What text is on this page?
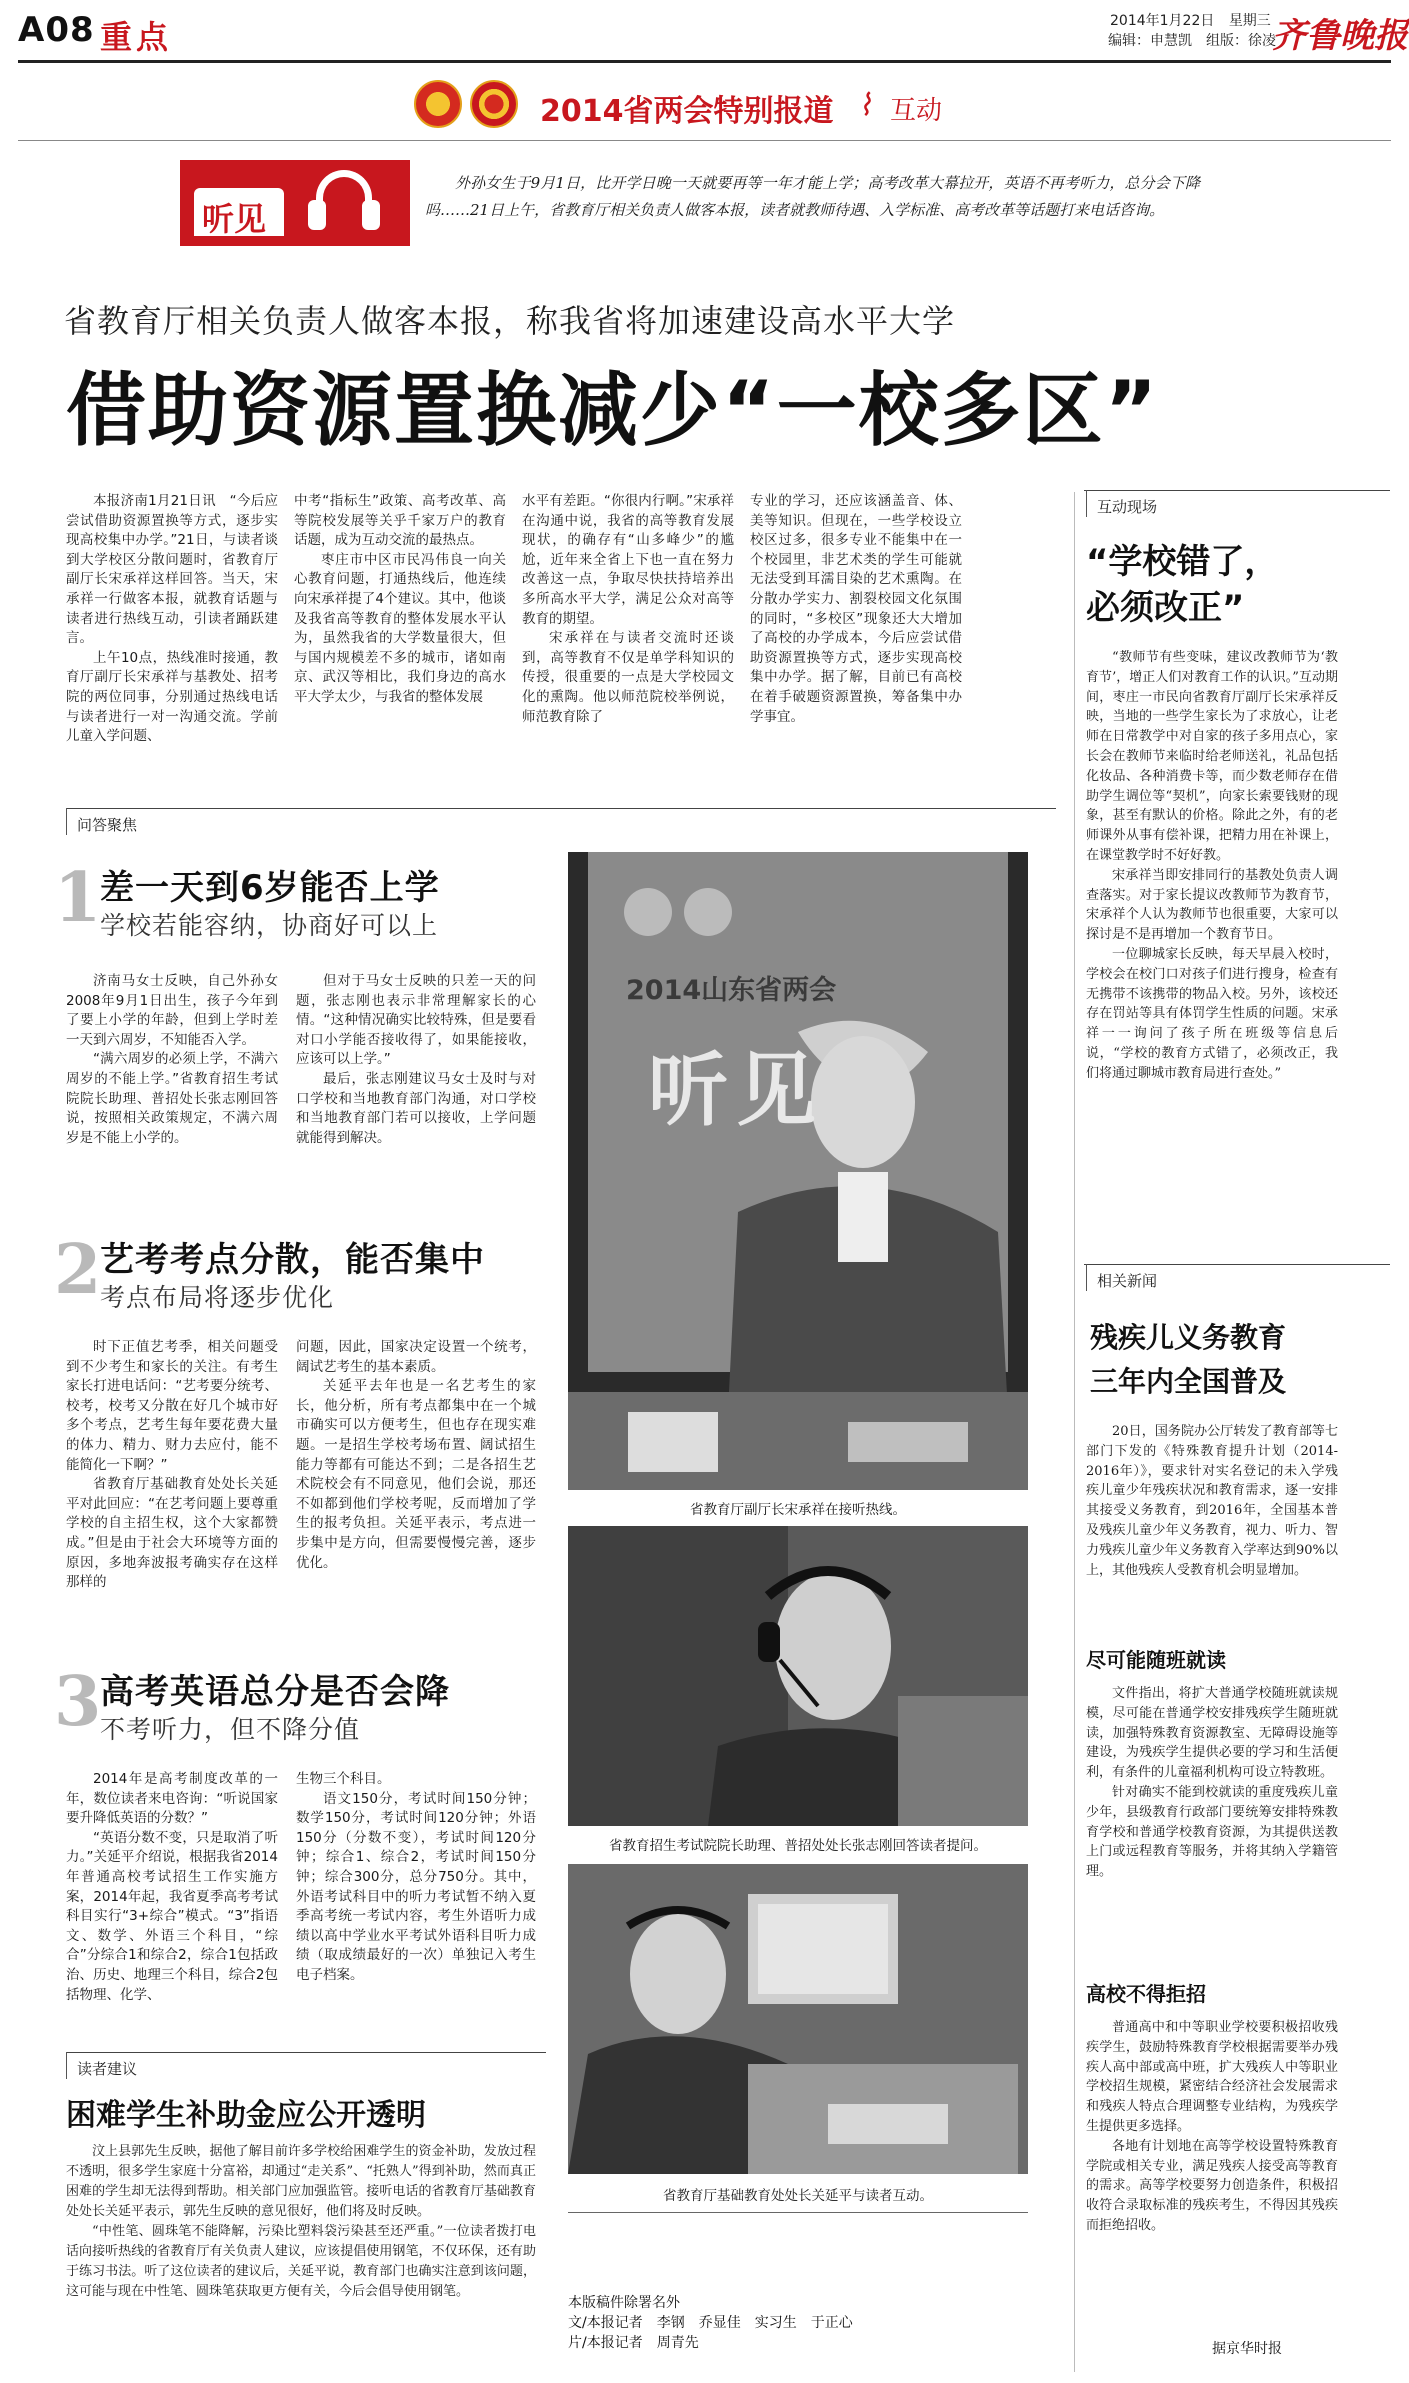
A08 重点	2014年1月22日 星期三
编辑：申慧凯　组版：徐凌
齐鲁晚报
2014省两会特别报道 ⌇ 互动
听见
外孙女生于9月1日，比开学日晚一天就要再等一年才能上学；高考改革大幕拉开，英语不再考听力，总分会下降吗……21日上午，省教育厅相关负责人做客本报，读者就教师待遇、入学标准、高考改革等话题打来电话咨询。
省教育厅相关负责人做客本报，称我省将加速建设高水平大学
借助资源置换减少“一校多区”

本报济南1月21日讯　“今后应尝试借助资源置换等方式，逐步实现高校集中办学。”21日，与读者谈到大学校区分散问题时，省教育厅副厅长宋承祥这样回答。当天，宋承祥一行做客本报，就教育话题与读者进行热线互动，引读者踊跃建言。

上午10点，热线准时接通，教育厅副厅长宋承祥与基教处、招考院的两位同事，分别通过热线电话与读者进行一对一沟通交流。学前儿童入学问题、

中考“指标生”政策、高考改革、高等院校发展等关乎千家万户的教育话题，成为互动交流的最热点。

枣庄市中区市民冯伟良一向关心教育问题，打通热线后，他连续向宋承祥提了4个建议。其中，他谈及我省高等教育的整体发展水平认为，虽然我省的大学数量很大，但与国内规模差不多的城市，诸如南京、武汉等相比，我们身边的高水平大学太少，与我省的整体发展

水平有差距。“你很内行啊。”宋承祥在沟通中说，我省的高等教育发展现状，的确存有“山多峰少”的尴尬，近年来全省上下也一直在努力改善这一点，争取尽快扶持培养出多所高水平大学，满足公众对高等教育的期望。

宋承祥在与读者交流时还谈到，高等教育不仅是单学科知识的传授，很重要的一点是大学校园文化的熏陶。他以师范院校举例说，师范教育除了

专业的学习，还应该涵盖音、体、美等知识。但现在，一些学校设立校区过多，很多专业不能集中在一个校园里，非艺术类的学生可能就无法受到耳濡目染的艺术熏陶。在分散办学实力、割裂校园文化氛围的同时，“多校区”现象还大大增加了高校的办学成本，今后应尝试借助资源置换等方式，逐步实现高校集中办学。据了解，目前已有高校在着手破题资源置换，筹备集中办学事宜。

问答聚焦
1
差一天到6岁能否上学
学校若能容纳，协商好可以上

济南马女士反映，自己外孙女2008年9月1日出生，孩子今年到了要上小学的年龄，但到上学时差一天到六周岁，不知能否入学。

“满六周岁的必须上学，不满六周岁的不能上学。”省教育招生考试院院长助理、普招处长张志刚回答说，按照相关政策规定，不满六周岁是不能上小学的。

但对于马女士反映的只差一天的问题，张志刚也表示非常理解家长的心情。“这种情况确实比较特殊，但是要看对口小学能否接收得了，如果能接收，应该可以上学。”

最后，张志刚建议马女士及时与对口学校和当地教育部门沟通，对口学校和当地教育部门若可以接收，上学问题就能得到解决。

2
艺考考点分散，能否集中
考点布局将逐步优化

时下正值艺考季，相关问题受到不少考生和家长的关注。有考生家长打进电话问：“艺考要分统考、校考，校考又分散在好几个城市好多个考点，艺考生每年要花费大量的体力、精力、财力去应付，能不能简化一下啊？”

省教育厅基础教育处处长关延平对此回应：“在艺考问题上要尊重学校的自主招生权，这个大家都赞成。”但是由于社会大环境等方面的原因，多地奔波报考确实存在这样那样的

问题，因此，国家决定设置一个统考，阔试艺考生的基本素质。

关延平去年也是一名艺考生的家长，他分析，所有考点都集中在一个城市确实可以方便考生，但也存在现实难题。一是招生学校考场布置、阔试招生能力等都有可能达不到；二是各招生艺术院校会有不同意见，他们会说，那还不如都到他们学校考呢，反而增加了学生的报考负担。关延平表示，考点进一步集中是方向，但需要慢慢完善，逐步优化。

3
高考英语总分是否会降
不考听力，但不降分值

2014年是高考制度改革的一年，数位读者来电咨询：“听说国家要升降低英语的分数？”

“英语分数不变，只是取消了听力。”关延平介绍说，根据我省2014年普通高校考试招生工作实施方案，2014年起，我省夏季高考考试科目实行“3+综合”模式。“3”指语文、数学、外语三个科目，“综合”分综合1和综合2，综合1包括政治、历史、地理三个科目，综合2包括物理、化学、

生物三个科目。

语文150分，考试时间150分钟；数学150分，考试时间120分钟；外语150分（分数不变），考试时间120分钟；综合1、综合2，考试时间150分钟；综合300分，总分750分。其中，外语考试科目中的听力考试暂不纳入夏季高考统一考试内容，考生外语听力成绩以高中学业水平考试外语科目听力成绩（取成绩最好的一次）单独记入考生电子档案。

读者建议
困难学生补助金应公开透明

汶上县郭先生反映，据他了解目前许多学校给困难学生的资金补助，发放过程不透明，很多学生家庭十分富裕，却通过“走关系”、“托熟人”得到补助，然而真正困难的学生却无法得到帮助。相关部门应加强监管。接听电话的省教育厅基础教育处处长关延平表示，郭先生反映的意见很好，他们将及时反映。

“中性笔、圆珠笔不能降解，污染比塑料袋污染甚至还严重。”一位读者拨打电话向接听热线的省教育厅有关负责人建议，应该提倡使用钢笔，不仅环保，还有助于练习书法。听了这位读者的建议后，关延平说，教育部门也确实注意到该问题，这可能与现在中性笔、圆珠笔获取更方便有关，今后会倡导使用钢笔。

2014山东省两会
听见
省教育厅副厅长宋承祥在接听热线。
省教育招生考试院院长助理、普招处处长张志刚回答读者提问。
省教育厅基础教育处处长关延平与读者互动。
本版稿件除署名外
文/本报记者　李钢　乔显佳　实习生　于正心
片/本报记者　周青先
互动现场
“学校错了，
必须改正”

“教师节有些变味，建议改教师节为‘教育节’，增正人们对教育工作的认识。”互动期间，枣庄一市民向省教育厅副厅长宋承祥反映，当地的一些学生家长为了求放心，让老师在日常教学中对自家的孩子多用点心，家长会在教师节来临时给老师送礼，礼品包括化妆品、各种消费卡等，而少数老师存在借助学生调位等“契机”，向家长索要钱财的现象，甚至有默认的价格。除此之外，有的老师课外从事有偿补课，把精力用在补课上，在课堂教学时不好好教。

宋承祥当即安排同行的基教处负责人调查落实。对于家长提议改教师节为教育节，宋承祥个人认为教师节也很重要，大家可以探讨是不是再增加一个教育节日。

一位聊城家长反映，每天早晨入校时，学校会在校门口对孩子们进行搜身，检查有无携带不该携带的物品入校。另外，该校还存在罚站等具有体罚学生性质的问题。宋承祥一一询问了孩子所在班级等信息后说，“学校的教育方式错了，必须改正，我们将通过聊城市教育局进行查处。”

相关新闻
残疾儿义务教育
三年内全国普及

20日，国务院办公厅转发了教育部等七部门下发的《特殊教育提升计划（2014-2016年）》，要求针对实名登记的未入学残疾儿童少年残疾状况和教育需求，逐一安排其接受义务教育，到2016年，全国基本普及残疾儿童少年义务教育，视力、听力、智力残疾儿童少年义务教育入学率达到90%以上，其他残疾人受教育机会明显增加。

尽可能随班就读

文件指出，将扩大普通学校随班就读规模，尽可能在普通学校安排残疾学生随班就读，加强特殊教育资源教室、无障碍设施等建设，为残疾学生提供必要的学习和生活便利，有条件的儿童福利机构可设立特教班。

针对确实不能到校就读的重度残疾儿童少年，县级教育行政部门要统筹安排特殊教育学校和普通学校教育资源，为其提供送教上门或远程教育等服务，并将其纳入学籍管理。

高校不得拒招

普通高中和中等职业学校要积极招收残疾学生，鼓励特殊教育学校根据需要举办残疾人高中部或高中班，扩大残疾人中等职业学校招生规模，紧密结合经济社会发展需求和残疾人特点合理调整专业结构，为残疾学生提供更多选择。

各地有计划地在高等学校设置特殊教育学院或相关专业，满足残疾人接受高等教育的需求。高等学校要努力创造条件，积极招收符合录取标准的残疾考生，不得因其残疾而拒绝招收。

据京华时报
